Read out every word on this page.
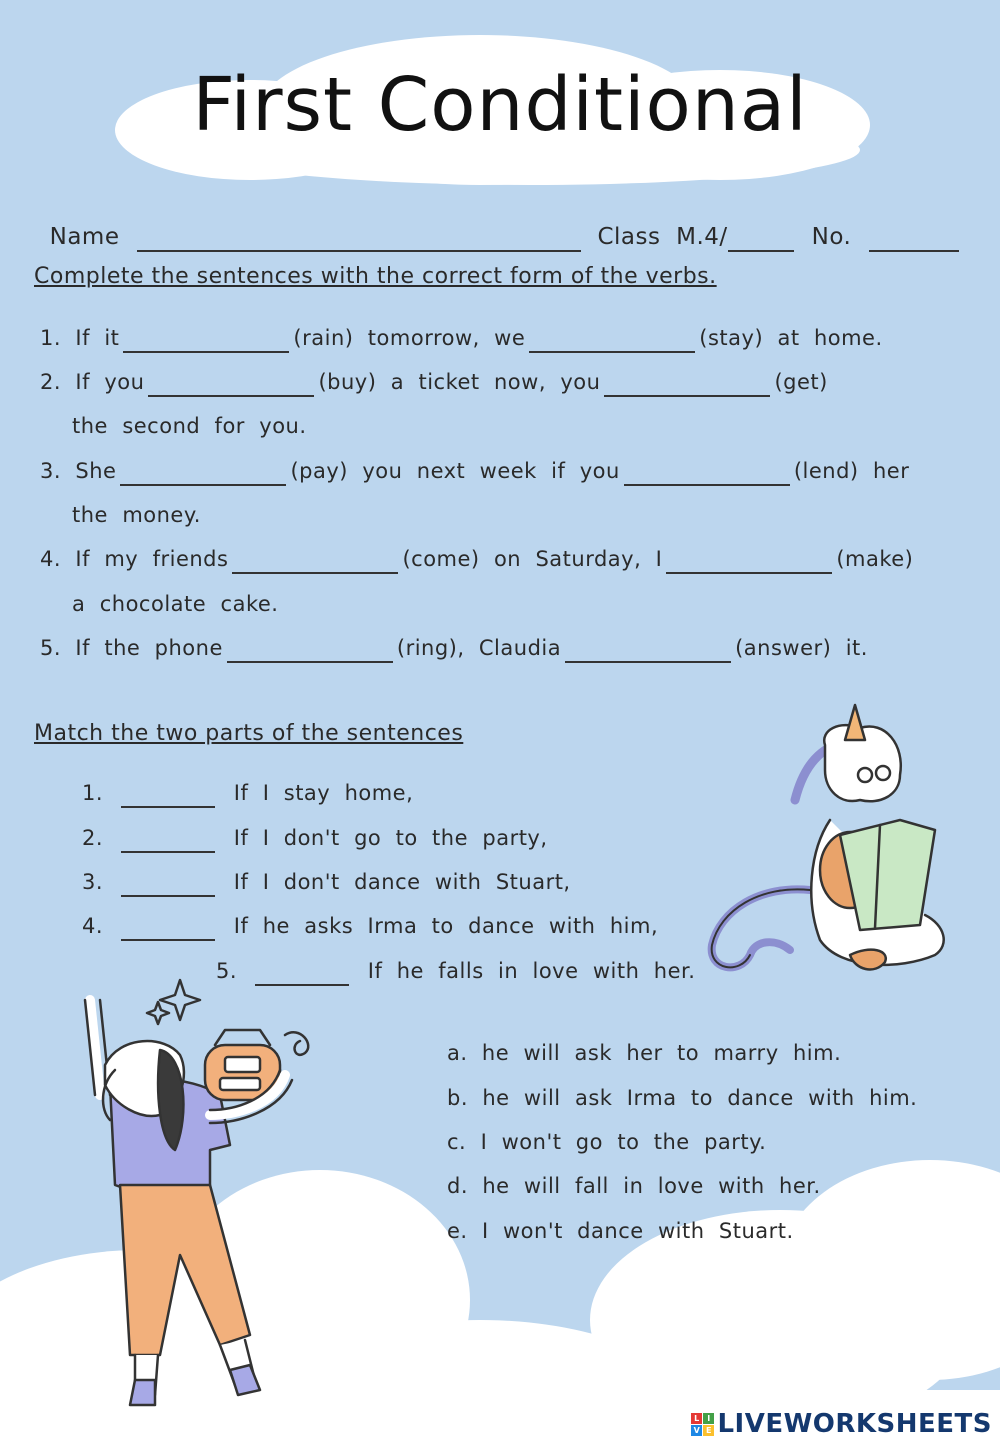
First Conditional

Name	Class  M.4/	No.

Complete the sentences with the correct form of the verbs.
1. If  it	(rain)  tomorrow,  we	(stay)  at  home.
2. If  you	(buy)  a  ticket  now,  you	(get)
the  second  for  you.
3. She	(pay)  you  next  week  if  you	(lend)  her
the  money.
4. If  my  friends	(come)  on  Saturday,  I	(make)
a  chocolate  cake.
5. If  the  phone	(ring),  Claudia	(answer)  it.
Match the two parts of the sentences
1.	If  I  stay  home,
2.	If  I  don't  go  to  the  party,
3.	If  I  don't  dance  with  Stuart,
4.	If  he  asks  Irma  to  dance  with  him,
5.	If  he  falls  in  love  with  her.
a.  he  will  ask  her  to  marry  him.
b.  he  will  ask  Irma  to  dance  with  him.
c.  I  won't  go  to  the  party.
d.  he  will  fall  in  love  with  her.
e.  I  won't  dance  with  Stuart.
L I
V E LIVEWORKSHEETS
